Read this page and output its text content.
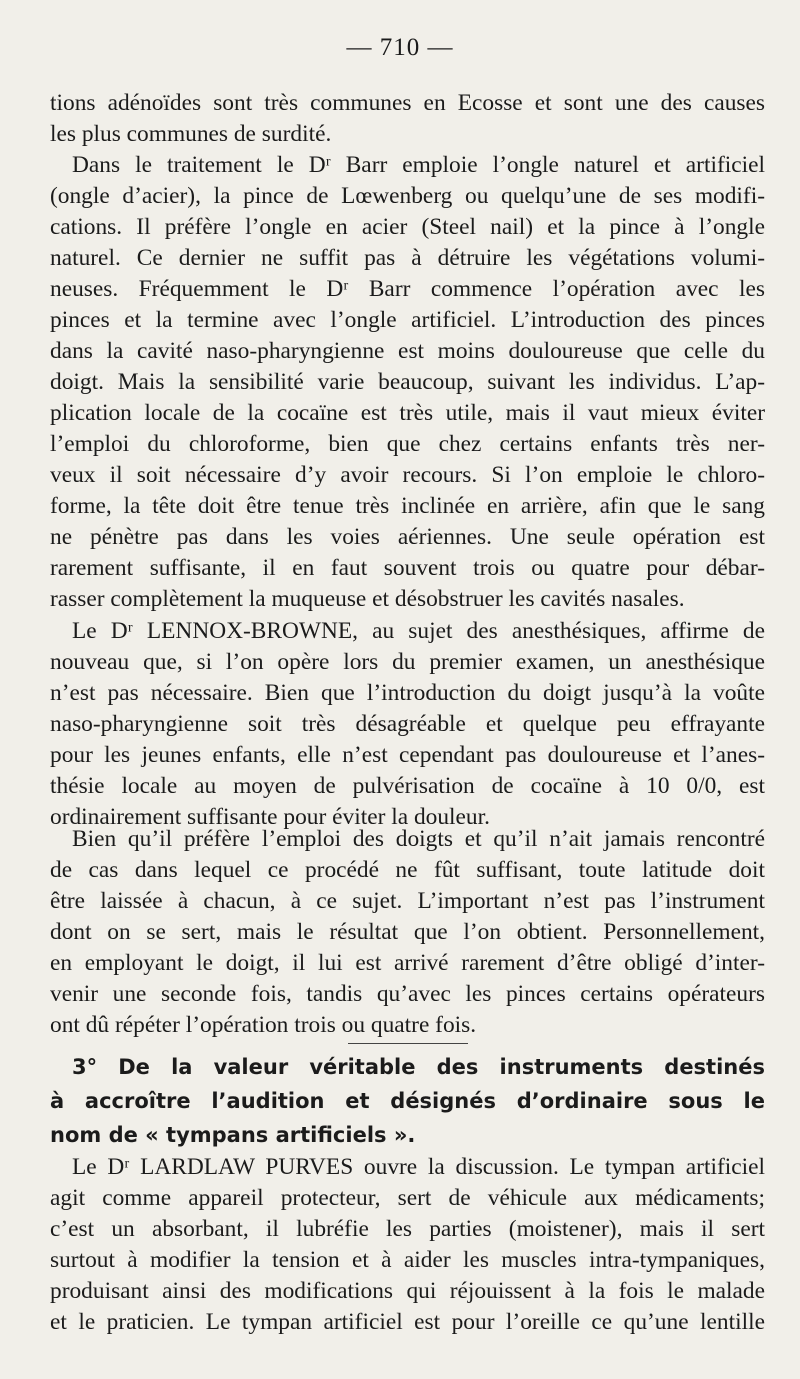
— 710 —
tions adénoïdes sont très communes en Ecosse et sont une des causes
les plus communes de surdité.
Dans le traitement le Dʳ Barr emploie l’ongle naturel et artificiel
(ongle d’acier), la pince de Lœwenberg ou quelqu’une de ses modifi-
cations. Il préfère l’ongle en acier (Steel nail) et la pince à l’ongle
naturel. Ce dernier ne suffit pas à détruire les végétations volumi-
neuses. Fréquemment le Dʳ Barr commence l’opération avec les
pinces et la termine avec l’ongle artificiel. L’introduction des pinces
dans la cavité naso-pharyngienne est moins douloureuse que celle du
doigt. Mais la sensibilité varie beaucoup, suivant les individus. L’ap-
plication locale de la cocaïne est très utile, mais il vaut mieux éviter
l’emploi du chloroforme, bien que chez certains enfants très ner-
veux il soit nécessaire d’y avoir recours. Si l’on emploie le chloro-
forme, la tête doit être tenue très inclinée en arrière, afin que le sang
ne pénètre pas dans les voies aériennes. Une seule opération est
rarement suffisante, il en faut souvent trois ou quatre pour débar-
rasser complètement la muqueuse et désobstruer les cavités nasales.
Le Dʳ LENNOX-BROWNE, au sujet des anesthésiques, affirme de
nouveau que, si l’on opère lors du premier examen, un anesthésique
n’est pas nécessaire. Bien que l’introduction du doigt jusqu’à la voûte
naso-pharyngienne soit très désagréable et quelque peu effrayante
pour les jeunes enfants, elle n’est cependant pas douloureuse et l’anes-
thésie locale au moyen de pulvérisation de cocaïne à 10 0/0, est
ordinairement suffisante pour éviter la douleur.
Bien qu’il préfère l’emploi des doigts et qu’il n’ait jamais rencontré
de cas dans lequel ce procédé ne fût suffisant, toute latitude doit
être laissée à chacun, à ce sujet. L’important n’est pas l’instrument
dont on se sert, mais le résultat que l’on obtient. Personnellement,
en employant le doigt, il lui est arrivé rarement d’être obligé d’inter-
venir une seconde fois, tandis qu’avec les pinces certains opérateurs
ont dû répéter l’opération trois ou quatre fois.
3° De la valeur véritable des instruments destinés
à accroître l’audition et désignés d’ordinaire sous le
nom de « tympans artificiels ».
Le Dʳ LARDLAW PURVES ouvre la discussion. Le tympan artificiel
agit comme appareil protecteur, sert de véhicule aux médicaments;
c’est un absorbant, il lubréfie les parties (moistener), mais il sert
surtout à modifier la tension et à aider les muscles intra-tympaniques,
produisant ainsi des modifications qui réjouissent à la fois le malade
et le praticien. Le tympan artificiel est pour l’oreille ce qu’une lentille
